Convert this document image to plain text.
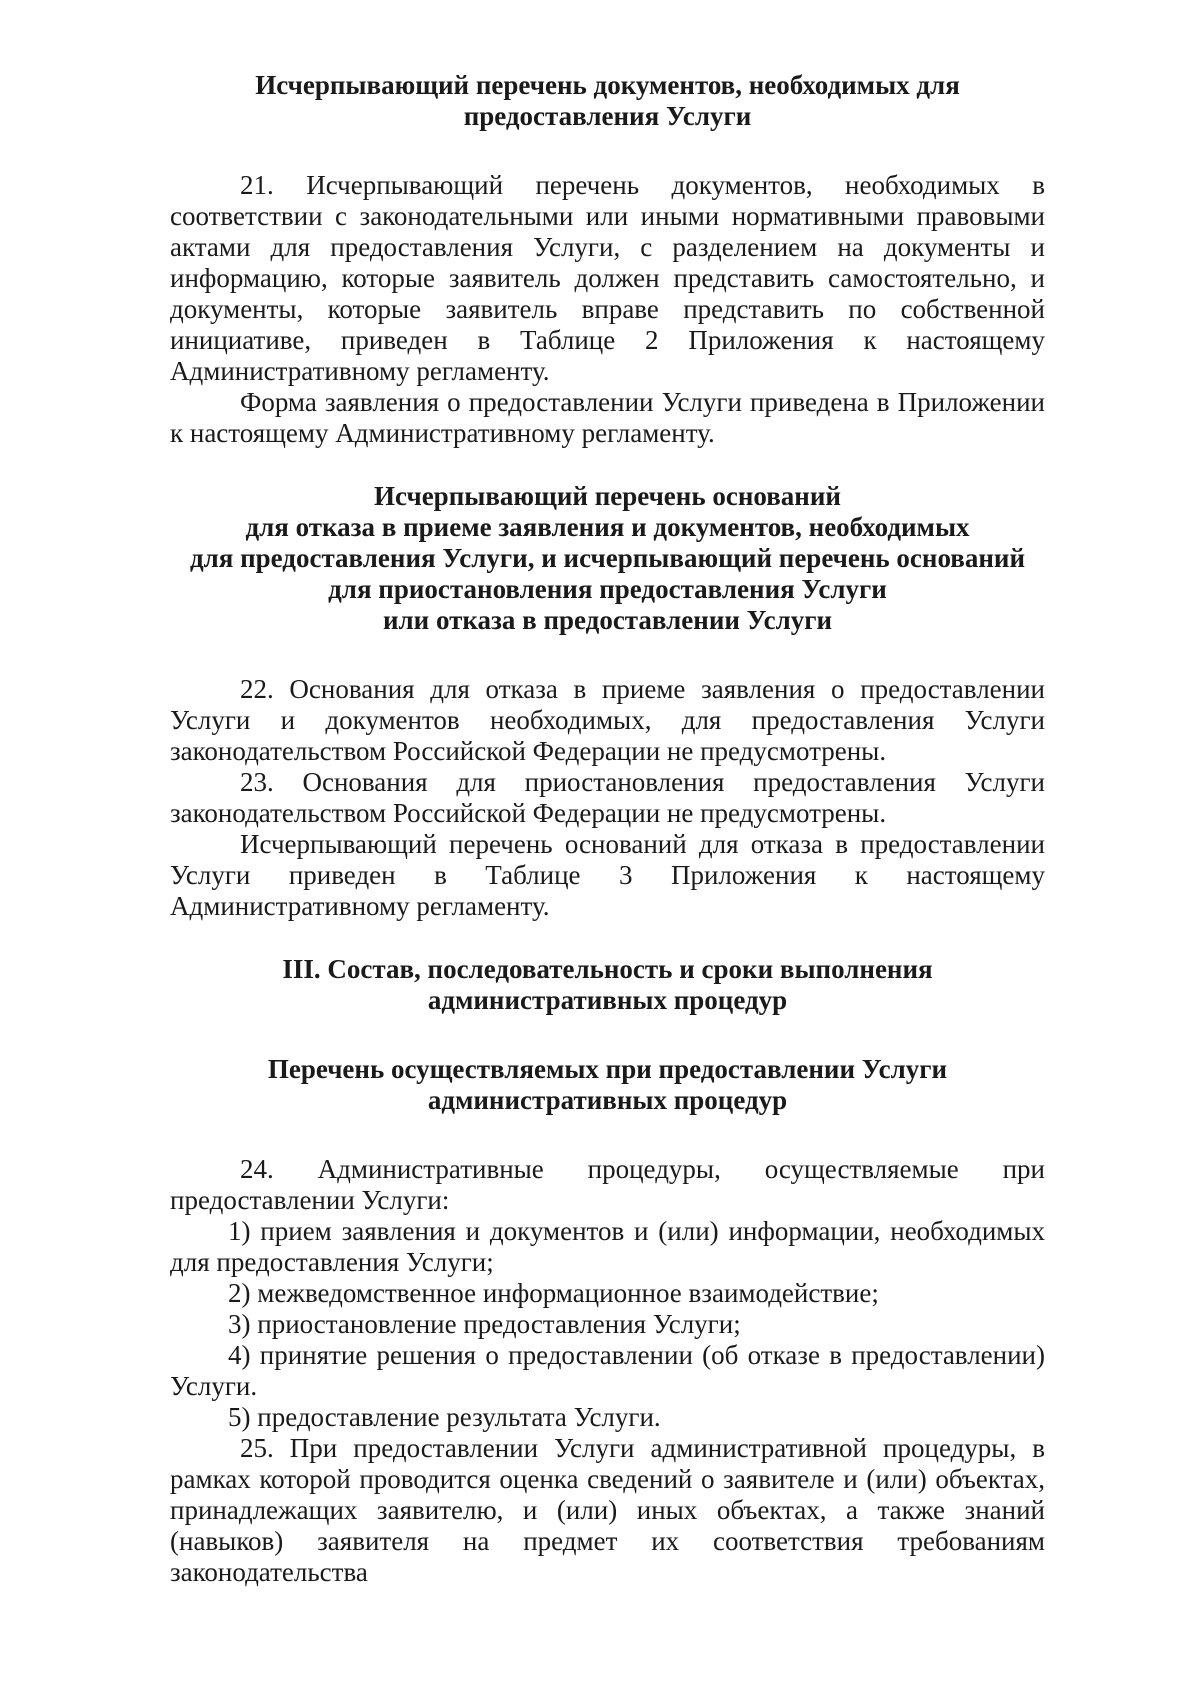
Исчерпывающий перечень документов, необходимых для
предоставления Услуги

21. Исчерпывающий перечень документов, необходимых в соответствии с законодательными или иными нормативными правовыми актами для предоставления Услуги, с разделением на документы и информацию, которые заявитель должен представить самостоятельно, и документы, которые заявитель вправе представить по собственной инициативе, приведен в Таблице 2 Приложения к настоящему Административному регламенту.

Форма заявления о предоставлении Услуги приведена в Приложении к настоящему Административному регламенту.

Исчерпывающий перечень оснований
для отказа в приеме заявления и документов, необходимых
для предоставления Услуги, и исчерпывающий перечень оснований
для приостановления предоставления Услуги
или отказа в предоставлении Услуги

22. Основания для отказа в приеме заявления о предоставлении Услуги и документов необходимых, для предоставления Услуги законодательством Российской Федерации не предусмотрены.

23. Основания для приостановления предоставления Услуги законодательством Российской Федерации не предусмотрены.

Исчерпывающий перечень оснований для отказа в предоставлении Услуги приведен в Таблице 3 Приложения к настоящему Административному регламенту.

III. Состав, последовательность и сроки выполнения
административных процедур
Перечень осуществляемых при предоставлении Услуги
административных процедур

24. Административные процедуры, осуществляемые при предоставлении Услуги:

1) прием заявления и документов и (или) информации, необходимых для предоставления Услуги;

2) межведомственное информационное взаимодействие;

3) приостановление предоставления Услуги;

4) принятие решения о предоставлении (об отказе в предоставлении) Услуги.

5) предоставление результата Услуги.

25. При предоставлении Услуги административной процедуры, в рамках которой проводится оценка сведений о заявителе и (или) объектах, принадлежащих заявителю, и (или) иных объектах, а также знаний (навыков) заявителя на предмет их соответствия требованиям законодательства
